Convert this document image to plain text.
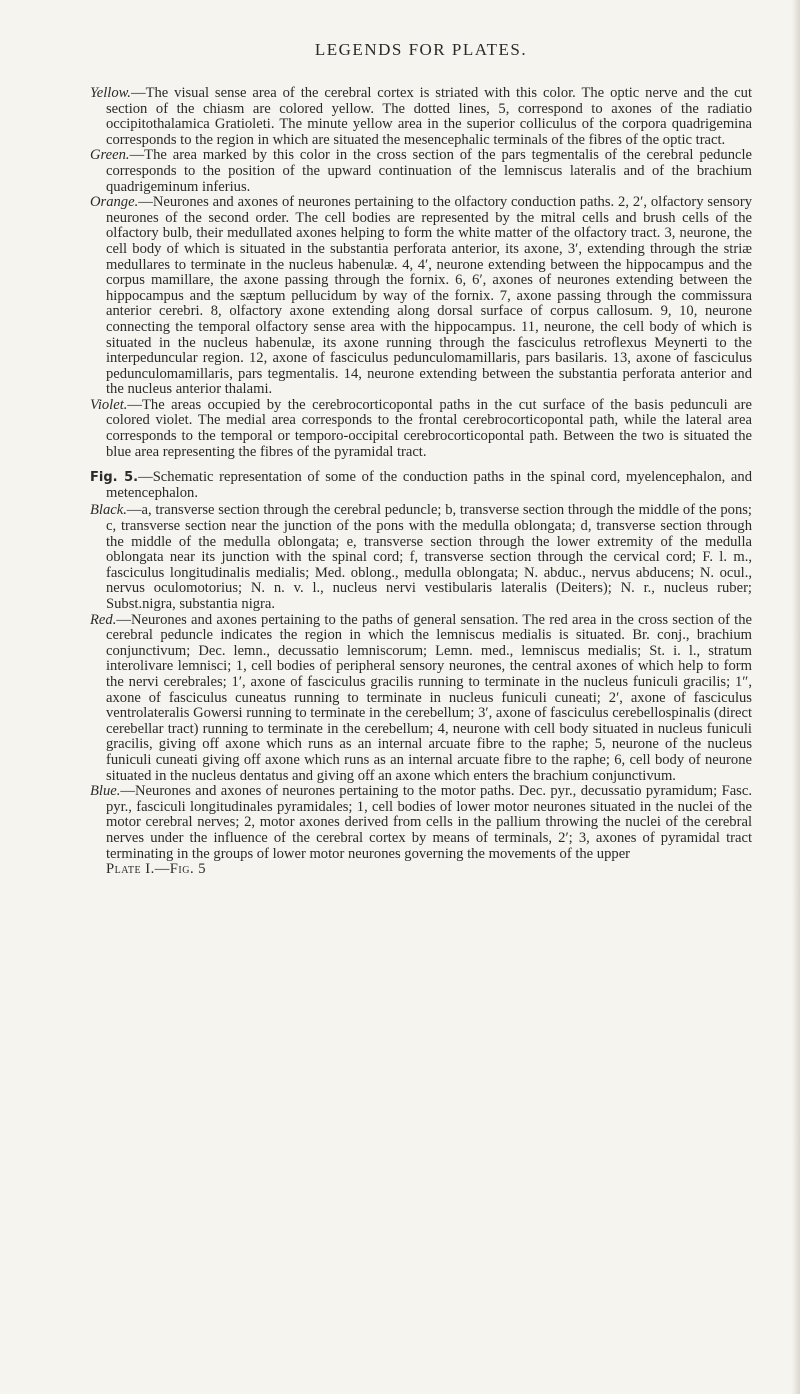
LEGENDS FOR PLATES.

Yellow.—The visual sense area of the cerebral cortex is striated with this color. The optic nerve and the cut section of the chiasm are colored yellow. The dotted lines, 5, correspond to axones of the radiatio occipitothalamica Gratiolеti. The minute yellow area in the superior colliculus of the corpora quadrigemina corresponds to the region in which are situated the mesencephalic terminals of the fibres of the optic tract.

Green.—The area marked by this color in the cross section of the pars tegmentalis of the cerebral peduncle corresponds to the position of the upward continuation of the lemniscus lateralis and of the brachium quadrigeminum inferius.

Orange.—Neurones and axones of neurones pertaining to the olfactory conduction paths. 2, 2′, olfactory sensory neurones of the second order. The cell bodies are represented by the mitral cells and brush cells of the olfactory bulb, their medullated axones helping to form the white matter of the olfactory tract. 3, neurone, the cell body of which is situated in the substantia perforata anterior, its axone, 3′, extending through the striæ medullares to terminate in the nucleus habenulæ. 4, 4′, neurone extending between the hippocampus and the corpus mamillare, the axone passing through the fornix. 6, 6′, axones of neurones extending between the hippocampus and the sæptum pellucidum by way of the fornix. 7, axone passing through the commissura anterior cerebri. 8, olfactory axone extending along dorsal surface of corpus callosum. 9, 10, neurone connecting the temporal olfactory sense area with the hippocampus. 11, neurone, the cell body of which is situated in the nucleus habenulæ, its axone running through the fasciculus retroflexus Meynerti to the interpeduncular region. 12, axone of fasciculus pedunculomamillaris, pars basilaris. 13, axone of fasciculus pedunculomamillaris, pars tegmentalis. 14, neurone extending between the substantia perforata anterior and the nucleus anterior thalami.

Violet.—The areas occupied by the cerebrocorticopontal paths in the cut surface of the basis pedunculi are colored violet. The medial area corresponds to the frontal cerebrocorticopontal path, while the lateral area corresponds to the temporal or temporo-occipital cerebrocorticopontal path. Between the two is situated the blue area representing the fibres of the pyramidal tract.

Fig. 5.—Schematic representation of some of the conduction paths in the spinal cord, myelencephalon, and metencephalon.

Black.—a, transverse section through the cerebral peduncle; b, transverse section through the middle of the pons; c, transverse section near the junction of the pons with the medulla oblongata; d, transverse section through the middle of the medulla oblongata; e, transverse section through the lower extremity of the medulla oblongata near its junction with the spinal cord; f, transverse section through the cervical cord; F. l. m., fasciculus longitudinalis medialis; Med. oblong., medulla oblongata; N. abduc., nervus abducens; N. ocul., nervus oculomotorius; N. n. v. l., nucleus nervi vestibularis lateralis (Deiters); N. r., nucleus ruber; Subst.nigra, substantia nigra.

Red.—Neurones and axones pertaining to the paths of general sensation. The red area in the cross section of the cerebral peduncle indicates the region in which the lemniscus medialis is situated. Br. conj., brachium conjunctivum; Dec. lemn., decussatio lemniscorum; Lemn. med., lemniscus medialis; St. i. l., stratum interolivare lemnisci; 1, cell bodies of peripheral sensory neurones, the central axones of which help to form the nervi cerebrales; 1′, axone of fasciculus gracilis running to terminate in the nucleus funiculi gracilis; 1″, axone of fasciculus cuneatus running to terminate in nucleus funiculi cuneati; 2′, axone of fasciculus ventrolateralis Gowersi running to terminate in the cerebellum; 3′, axone of fasciculus cerebellospinalis (direct cerebellar tract) running to terminate in the cerebellum; 4, neurone with cell body situated in nucleus funiculi gracilis, giving off axone which runs as an internal arcuate fibre to the raphe; 5, neurone of the nucleus funiculi cuneati giving off axone which runs as an internal arcuate fibre to the raphe; 6, cell body of neurone situated in the nucleus dentatus and giving off an axone which enters the brachium conjunctivum.

Blue.—Neurones and axones of neurones pertaining to the motor paths. Dec. pyr., decussatio pyramidum; Fasc. pyr., fasciculi longitudinales pyramidales; 1, cell bodies of lower motor neurones situated in the nuclei of the motor cerebral nerves; 2, motor axones derived from cells in the pallium throwing the nuclei of the cerebral nerves under the influence of the cerebral cortex by means of terminals, 2′; 3, axones of pyramidal tract terminating in the groups of lower motor neurones governing the movements of the upper

Plate I.—Fig. 5
